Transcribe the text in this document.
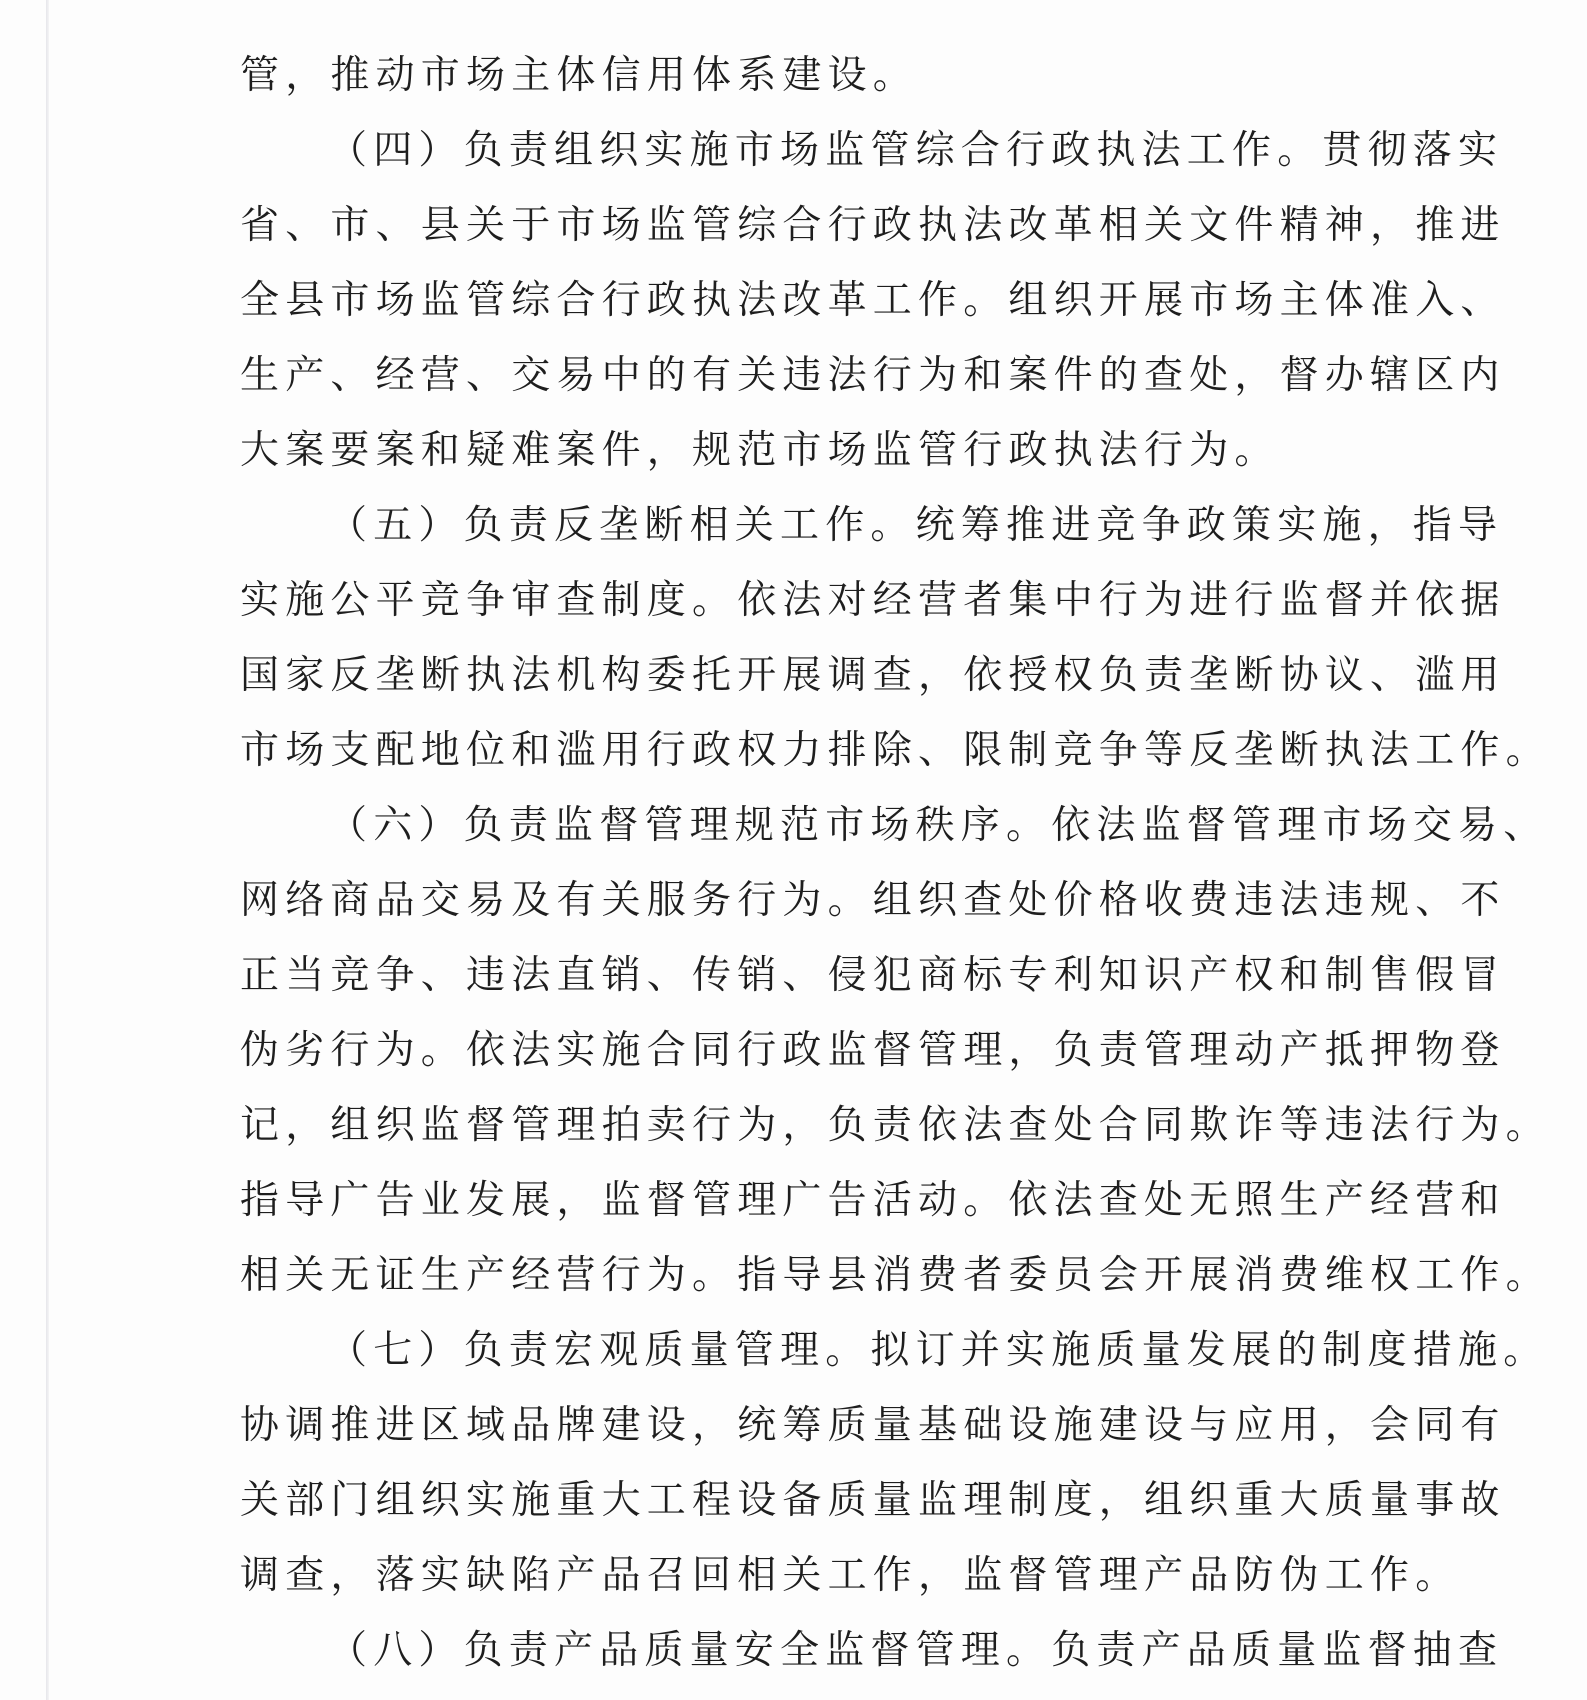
管，推动市场主体信用体系建设。
（四）负责组织实施市场监管综合行政执法工作。贯彻落实
省、市、县关于市场监管综合行政执法改革相关文件精神，推进
全县市场监管综合行政执法改革工作。组织开展市场主体准入、
生产、经营、交易中的有关违法行为和案件的查处，督办辖区内
大案要案和疑难案件，规范市场监管行政执法行为。
（五）负责反垄断相关工作。统筹推进竞争政策实施，指导
实施公平竞争审查制度。依法对经营者集中行为进行监督并依据
国家反垄断执法机构委托开展调查，依授权负责垄断协议、滥用
市场支配地位和滥用行政权力排除、限制竞争等反垄断执法工作。
（六）负责监督管理规范市场秩序。依法监督管理市场交易、
网络商品交易及有关服务行为。组织查处价格收费违法违规、不
正当竞争、违法直销、传销、侵犯商标专利知识产权和制售假冒
伪劣行为。依法实施合同行政监督管理，负责管理动产抵押物登
记，组织监督管理拍卖行为，负责依法查处合同欺诈等违法行为。
指导广告业发展，监督管理广告活动。依法查处无照生产经营和
相关无证生产经营行为。指导县消费者委员会开展消费维权工作。
（七）负责宏观质量管理。拟订并实施质量发展的制度措施。
协调推进区域品牌建设，统筹质量基础设施建设与应用，会同有
关部门组织实施重大工程设备质量监理制度，组织重大质量事故
调查，落实缺陷产品召回相关工作，监督管理产品防伪工作。
（八）负责产品质量安全监督管理。负责产品质量监督抽查
